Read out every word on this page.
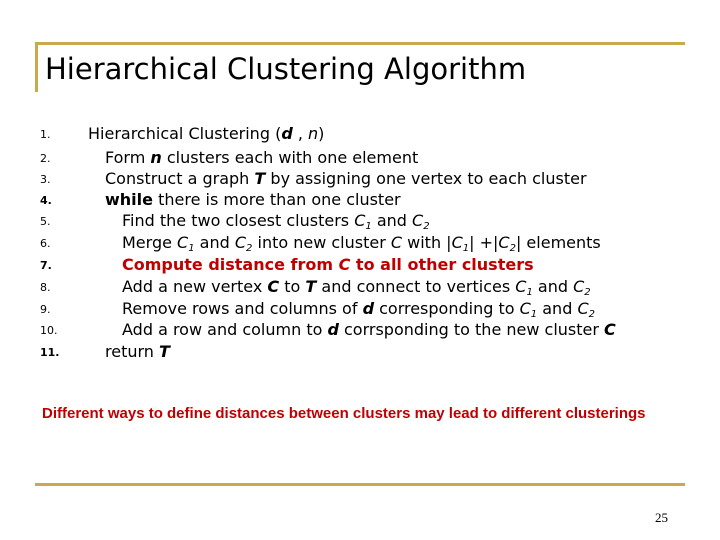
Hierarchical Clustering Algorithm
1.	Hierarchical Clustering (d , n)
2.	Form n clusters each with one element
3.	Construct a graph T by assigning one vertex to each cluster
4.	while there is more than one cluster
5.	Find the two closest clusters $C_1$ and $C_2$
6.	Merge $C_1$ and $C_2$ into new cluster C with $|C_1| +|C_2|$ elements
7.	Compute distance from C to all other clusters
8.	Add a new vertex C to T and connect to vertices $C_1$ and $C_2$
9.	Remove rows and columns of d corresponding to $C_1$ and $C_2$
10.	Add a row and column to d corrsponding to the new cluster C
11.	return T
Different ways to define distances between clusters may lead to different clusterings
25
